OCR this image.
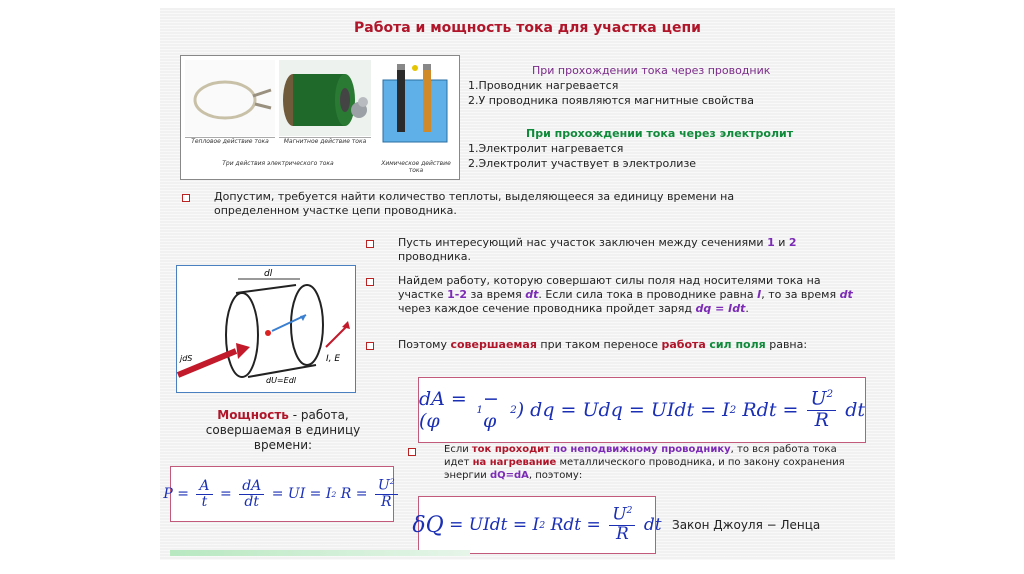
Работа и мощность тока для участка цепи
Тепловое действие тока	Магнитное действие тока
Три действия электрического тока	Химическое действие тока
При прохождении тока через проводник
1.Проводник нагревается
2.У проводника появляются магнитные свойства
При прохождении тока через электролит
1.Электролит нагревается
2.Электролит участвует в электролизе
Допустим, требуется найти количество теплоты, выделяющееся за единицу времени на определенном участке цепи проводника.
dl
jdS	I, E
dU=Edl
Пусть интересующий нас участок заключен между сечениями 1 и 2 проводника.
Найдем работу, которую совершают силы поля над носителями тока на участке 1-2 за время dt. Если сила тока в проводнике равна I, то за время dt через каждое сечение проводника пройдет заряд dq = Idt.
Поэтому совершаемая при таком переносе работа сил поля равна:
dA = (φ	1 − φ	2 ) dq = Udq = UIdt = I 2 Rdt = $\frac{U^2}{R}$ dt
Мощность - работа, совершаемая в единицу времени:
$P = \frac{A}{t} = \frac{dA}{dt}$ = UI = I 2 $R = \frac{U^2}{R}$
Если ток проходит по неподвижному проводнику, то вся работа тока идет на нагревание металлического проводника, и по закону сохранения энергии dQ=dA, поэтому:
δQ = UIdt = I 2 Rdt = $\frac{U^2}{R}$ dt Закон Джоуля − Ленца
